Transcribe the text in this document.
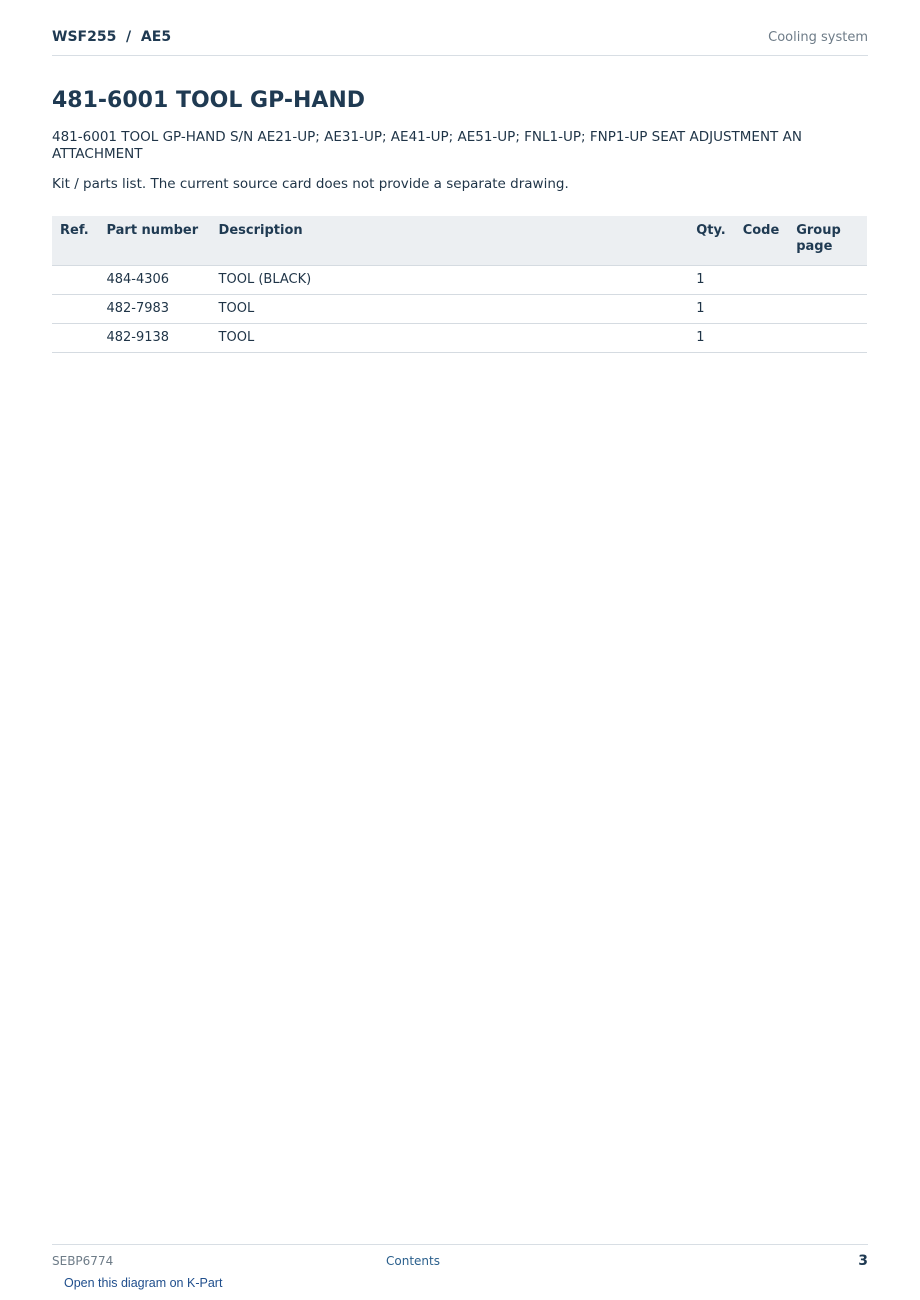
WSF255  /  AE5	Cooling system
481-6001 TOOL GP-HAND

481-6001 TOOL GP-HAND S/N AE21-UP; AE31-UP; AE41-UP; AE51-UP; FNL1-UP; FNP1-UP SEAT ADJUSTMENT AN ATTACHMENT

Kit / parts list. The current source card does not provide a separate drawing.

Ref.	Part number	Description	Qty.	Code	Group page
	484-4306	TOOL (BLACK)	1		
	482-7983	TOOL	1		
	482-9138	TOOL	1		
SEBP6774	Contents	3
Open this diagram on K-Part
